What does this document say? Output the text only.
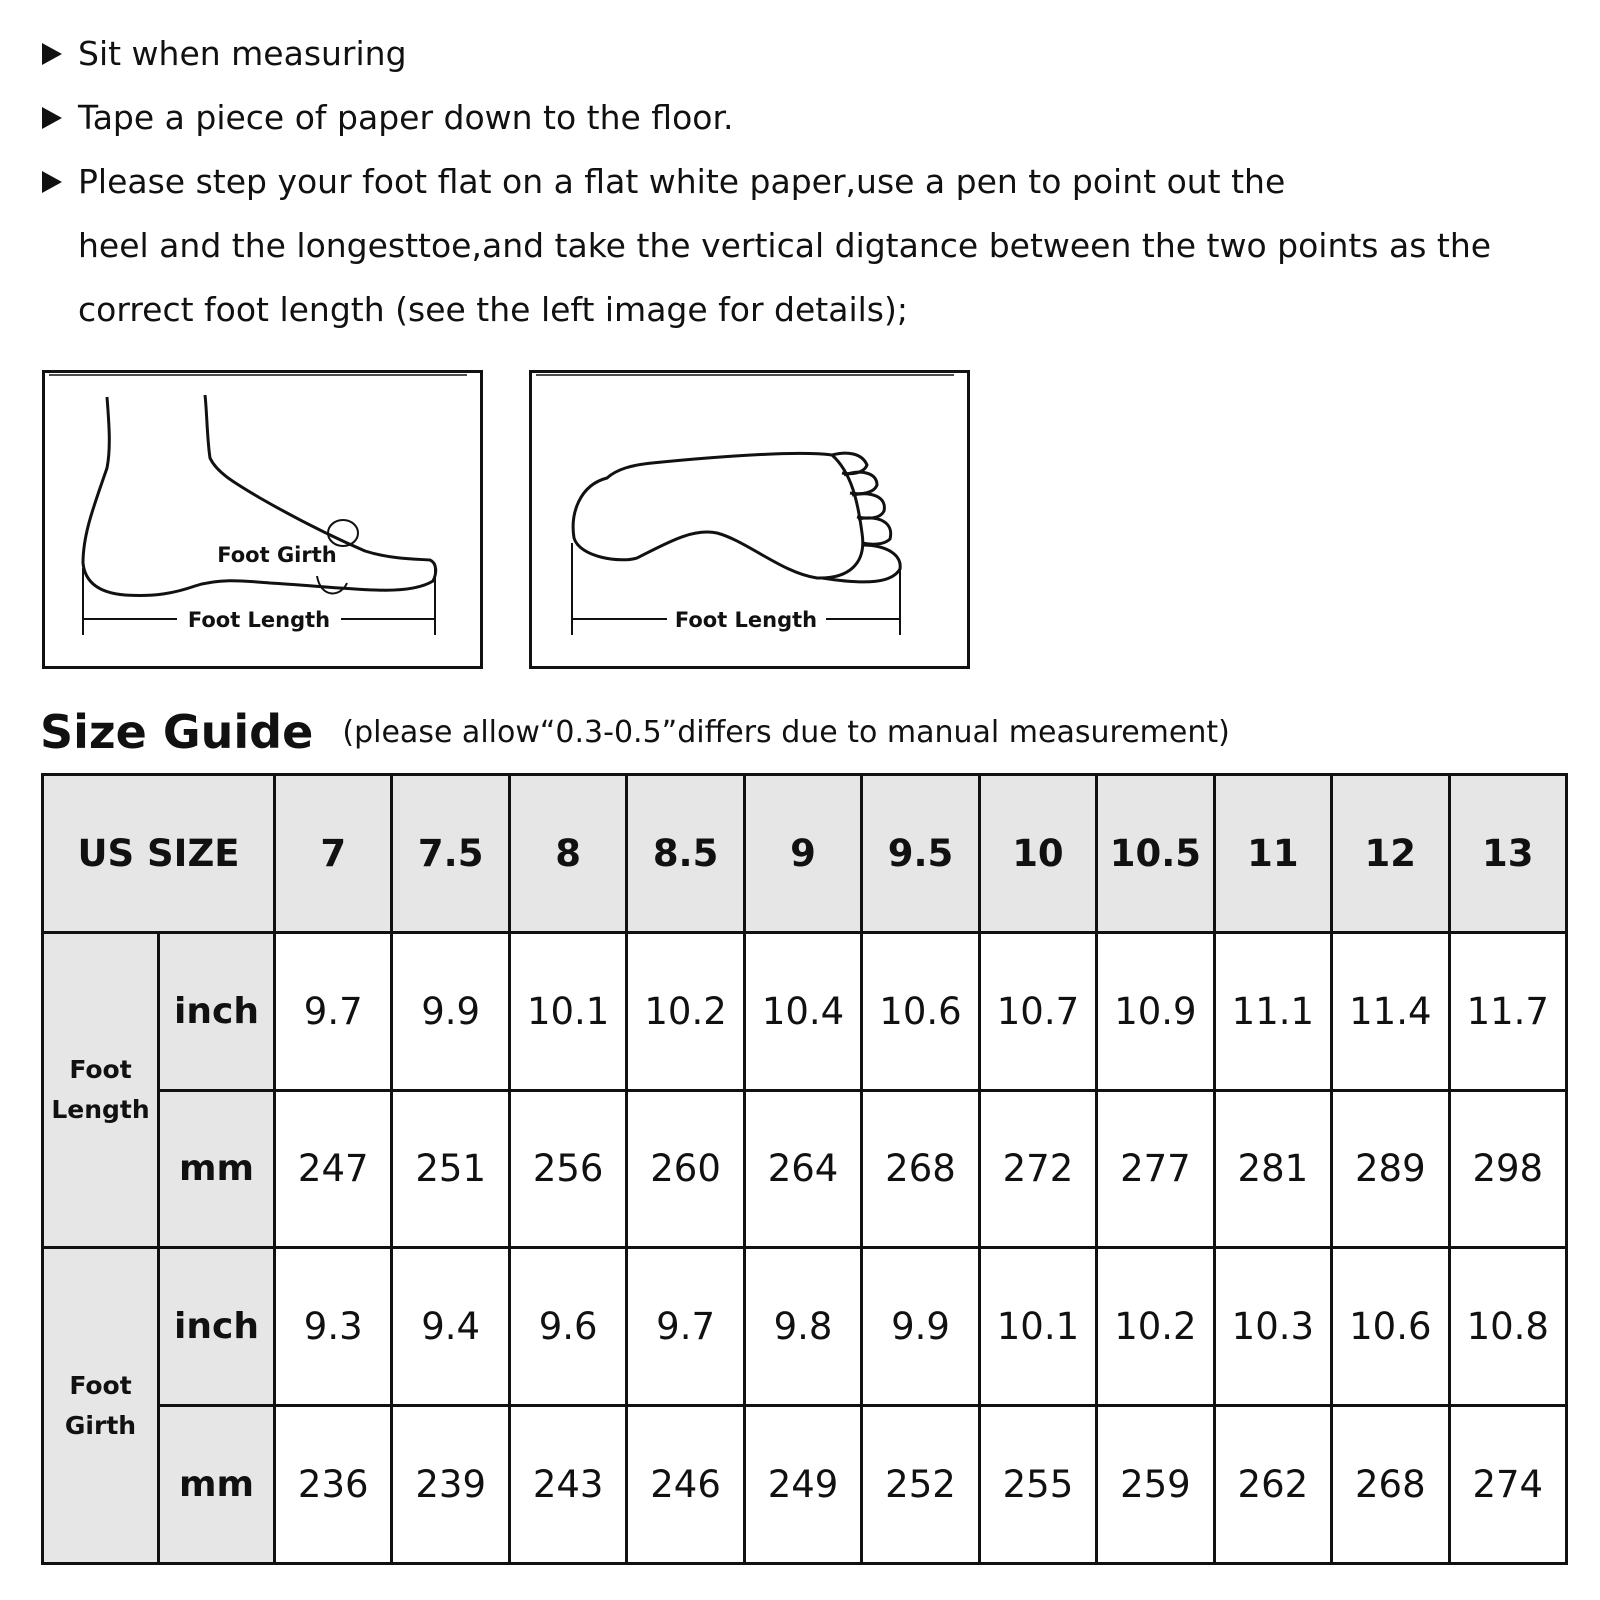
Sit when measuring
Tape a piece of paper down to the floor.
Please step your foot flat on a flat white paper,use a pen to point out the
heel and the longesttoe,and take the vertical digtance between the two points as the
correct foot length (see the left image for details);
Foot Girth
Foot Length	Foot Length
Size Guide (please allow“0.3-0.5”differs due to manual measurement)
US SIZE		7	7.5	8	8.5	9	9.5	10	10.5	11	12	13

Foot
Length	inch	9.7	9.9	10.1	10.2	10.4	10.6	10.7	10.9	11.1	11.4	11.7
	mm	247	251	256	260	264	268	272	277	281	289	298

Foot
Girth	inch	9.3	9.4	9.6	9.7	9.8	9.9	10.1	10.2	10.3	10.6	10.8
	mm	236	239	243	246	249	252	255	259	262	268	274
